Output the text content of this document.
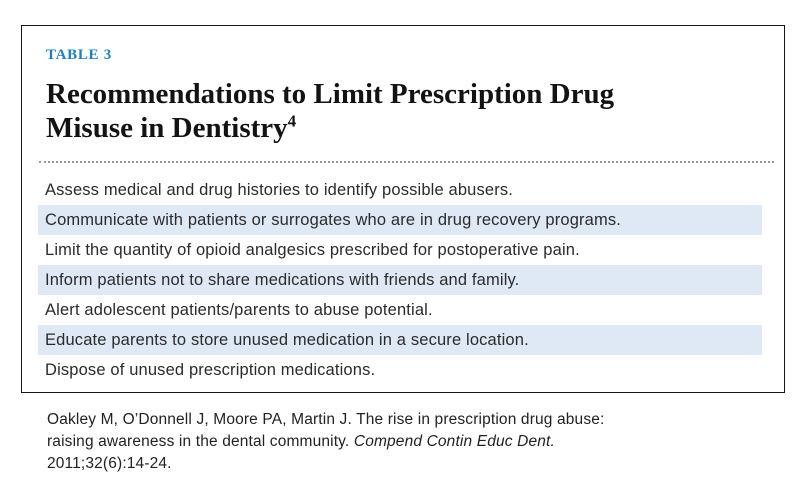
TABLE 3
Recommendations to Limit Prescription Drug
Misuse in Dentistry$^4$
Assess medical and drug histories to identify possible abusers.
Communicate with patients or surrogates who are in drug recovery programs.
Limit the quantity of opioid analgesics prescribed for postoperative pain.
Inform patients not to share medications with friends and family.
Alert adolescent patients/parents to abuse potential.
Educate parents to store unused medication in a secure location.
Dispose of unused prescription medications.
Oakley M, O’Donnell J, Moore PA, Martin J. The rise in prescription drug abuse:
raising awareness in the dental community. Compend Contin Educ Dent.
2011;32(6):14-24.
